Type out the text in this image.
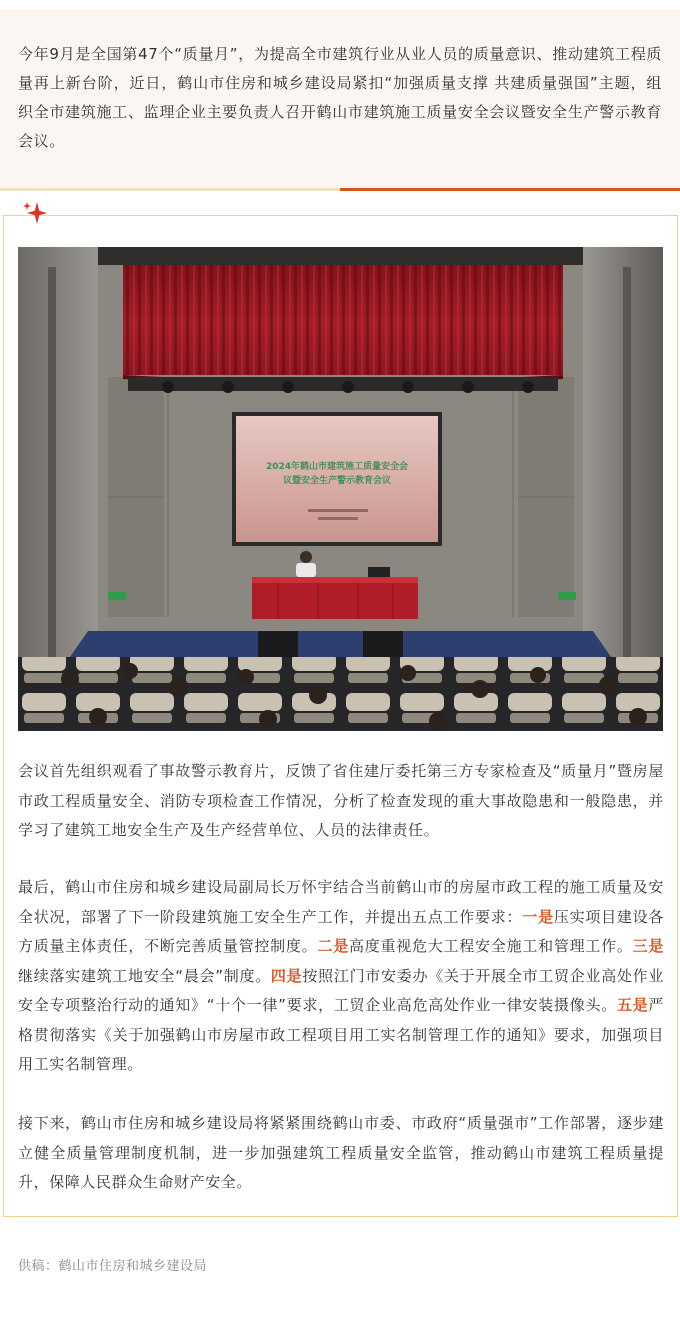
今年9月是全国第47个“质量月”，为提高全市建筑行业从业人员的质量意识、推动建筑工程质量再上新台阶，近日，鹤山市住房和城乡建设局紧扣“加强质量支撑 共建质量强国”主题，组织全市建筑施工、监理企业主要负责人召开鹤山市建筑施工质量安全会议暨安全生产警示教育会议。

2024年鹤山市建筑施工质量安全会
议暨安全生产警示教育会议

会议首先组织观看了事故警示教育片，反馈了省住建厅委托第三方专家检查及“质量月”暨房屋市政工程质量安全、消防专项检查工作情况，分析了检查发现的重大事故隐患和一般隐患，并学习了建筑工地安全生产及生产经营单位、人员的法律责任。

最后，鹤山市住房和城乡建设局副局长万怀宇结合当前鹤山市的房屋市政工程的施工质量及安全状况，部署了下一阶段建筑施工安全生产工作，并提出五点工作要求：一是压实项目建设各方质量主体责任，不断完善质量管控制度。二是高度重视危大工程安全施工和管理工作。三是继续落实建筑工地安全“晨会”制度。四是按照江门市安委办《关于开展全市工贸企业高处作业安全专项整治行动的通知》“十个一律”要求，工贸企业高危高处作业一律安装摄像头。五是严格贯彻落实《关于加强鹤山市房屋市政工程项目用工实名制管理工作的通知》要求，加强项目用工实名制管理。

接下来，鹤山市住房和城乡建设局将紧紧围绕鹤山市委、市政府“质量强市”工作部署，逐步建立健全质量管理制度机制，进一步加强建筑工程质量安全监管，推动鹤山市建筑工程质量提升，保障人民群众生命财产安全。

供稿：鹤山市住房和城乡建设局
